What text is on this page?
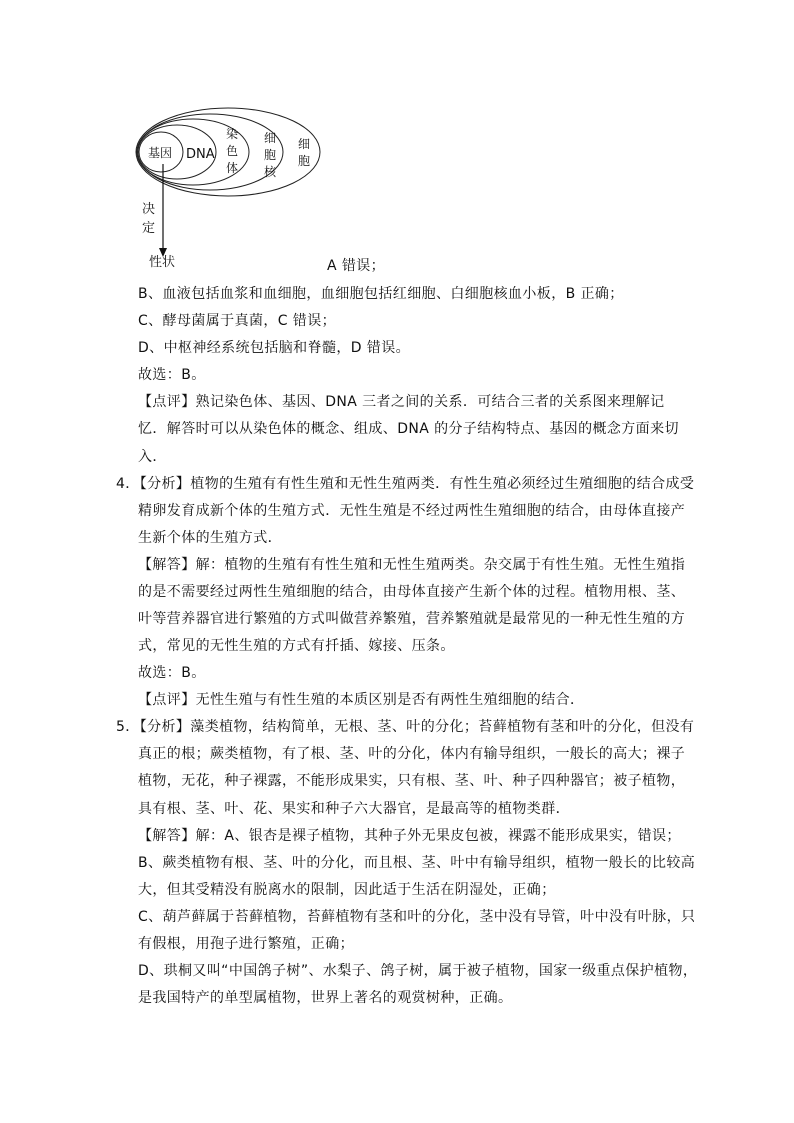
基因 DNA
染
色
体
细
胞
核
细
胞
决
定
性状	A 错误；
B、血液包括血浆和血细胞，血细胞包括红细胞、白细胞核血小板，B 正确；
C、酵母菌属于真菌，C 错误；
D、中枢神经系统包括脑和脊髓，D 错误。
故选：B。
【点评】熟记染色体、基因、DNA 三者之间的关系．可结合三者的关系图来理解记
忆．解答时可以从染色体的概念、组成、DNA 的分子结构特点、基因的概念方面来切
入．
4．【分析】植物的生殖有有性生殖和无性生殖两类．有性生殖必须经过生殖细胞的结合成受
精卵发育成新个体的生殖方式．无性生殖是不经过两性生殖细胞的结合，由母体直接产
生新个体的生殖方式．
【解答】解：植物的生殖有有性生殖和无性生殖两类。杂交属于有性生殖。无性生殖指
的是不需要经过两性生殖细胞的结合，由母体直接产生新个体的过程。植物用根、茎、
叶等营养器官进行繁殖的方式叫做营养繁殖，营养繁殖就是最常见的一种无性生殖的方
式，常见的无性生殖的方式有扦插、嫁接、压条。
故选：B。
【点评】无性生殖与有性生殖的本质区别是否有两性生殖细胞的结合．
5．【分析】藻类植物，结构简单，无根、茎、叶的分化；苔藓植物有茎和叶的分化，但没有
真正的根；蕨类植物，有了根、茎、叶的分化，体内有输导组织，一般长的高大；裸子
植物，无花，种子裸露，不能形成果实，只有根、茎、叶、种子四种器官；被子植物，
具有根、茎、叶、花、果实和种子六大器官，是最高等的植物类群．
【解答】解：A、银杏是裸子植物，其种子外无果皮包被，裸露不能形成果实，错误；
B、蕨类植物有根、茎、叶的分化，而且根、茎、叶中有输导组织，植物一般长的比较高
大，但其受精没有脱离水的限制，因此适于生活在阴湿处，正确；
C、葫芦藓属于苔藓植物，苔藓植物有茎和叶的分化，茎中没有导管，叶中没有叶脉，只
有假根，用孢子进行繁殖，正确；
D、珙桐又叫“中国鸽子树”、水梨子、鸽子树，属于被子植物，国家一级重点保护植物，
是我国特产的单型属植物，世界上著名的观赏树种，正确。
